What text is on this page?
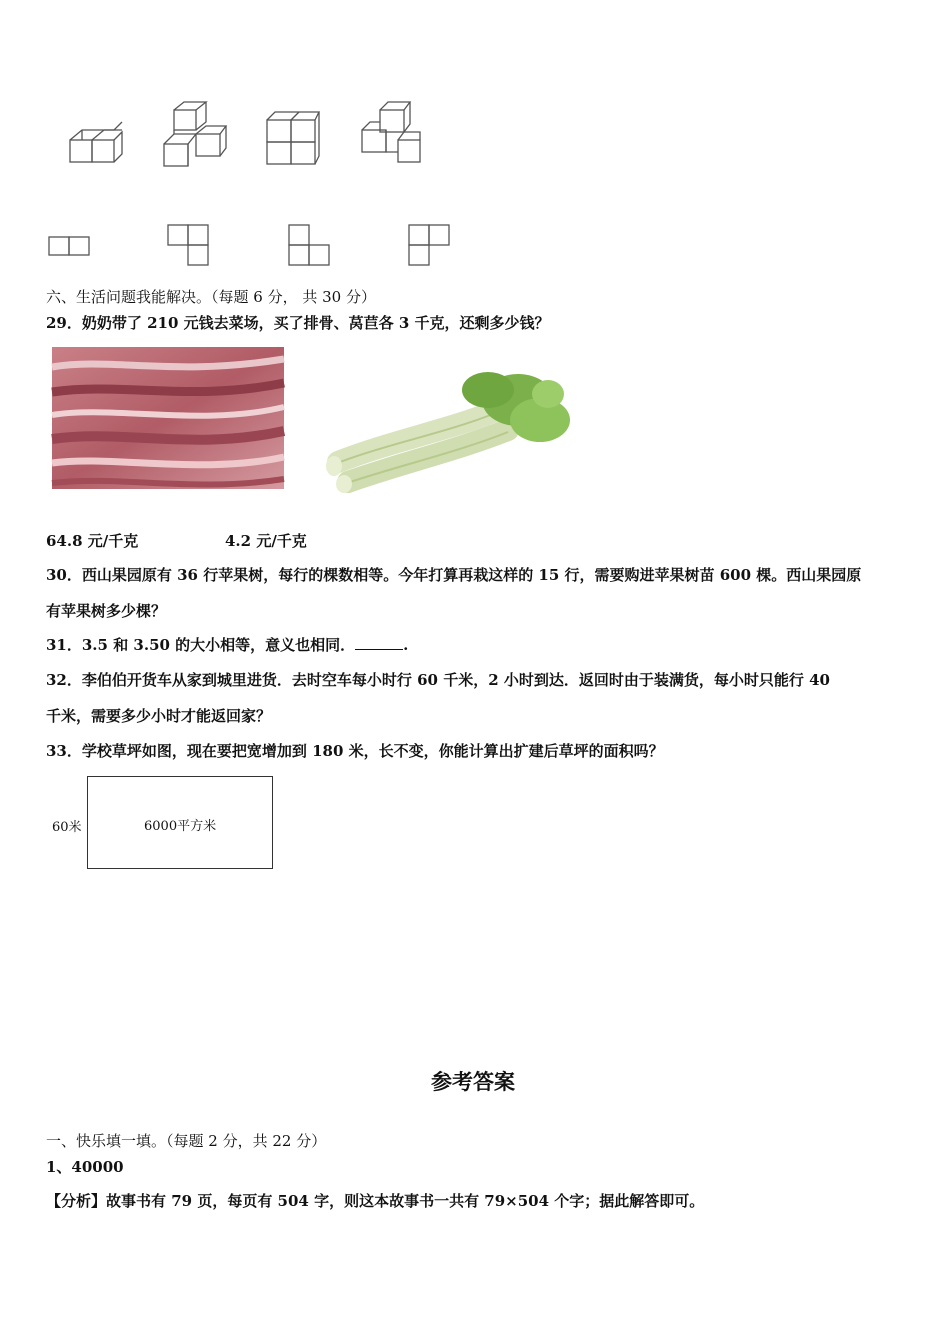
六、生活问题我能解决。（每题 6 分， 共 30 分）
29．奶奶带了 210 元钱去菜场，买了排骨、莴苣各 3 千克，还剩多少钱？
64.8 元/千克	4.2 元/千克
30．西山果园原有 36 行苹果树，每行的棵数相等。今年打算再栽这样的 15 行，需要购进苹果树苗 600 棵。西山果园原
有苹果树多少棵？
31．3.5 和 3.50 的大小相等，意义也相同．	.
32．李伯伯开货车从家到城里进货．去时空车每小时行 60 千米，2 小时到达．返回时由于装满货，每小时只能行 40
千米，需要多少小时才能返回家？
33．学校草坪如图，现在要把宽增加到 180 米，长不变，你能计算出扩建后草坪的面积吗？
60米	6000平方米
参考答案
一、快乐填一填。（每题 2 分，共 22 分）
1、40000
【分析】故事书有 79 页，每页有 504 字，则这本故事书一共有 79×504 个字；据此解答即可。
